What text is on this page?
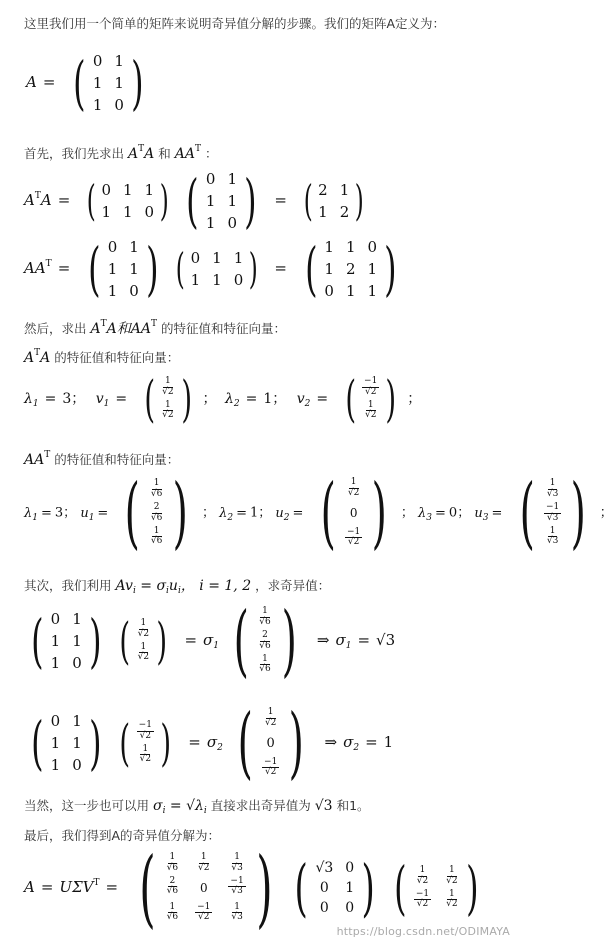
这里我们用一个简单的矩阵来说明奇异值分解的步骤。我们的矩阵A定义为：
A = ( 0 1
1 1
1 0 )
首先，我们先求出 $A^TA$ 和 $AA^T$ ：
$A^TA$ = ( 0 1 1
1 1 0 )
( 0 1
1 1
1 0 ) = ( 2 1
1 2 )
$AA^T$ = ( 0 1
1 1
1 0 )
( 0 1 1
1 1 0 ) = ( 1 1 0
1 2 1
0 1 1 )
然后，求出 $A^TA$和$AA^T$ 的特征值和特征向量：
$A^TA$ 的特征值和特征向量：
$\lambda_1 = 3$； $v_1$ = ( $\frac{1}{√2}$
$\frac{1}{√2}$ ) ； $\lambda_2 = 1$； $v_2$ = ( $\frac{-1}{√2}$
$\frac{1}{√2}$ ) ；
$AA^T$ 的特征值和特征向量：
$\lambda_1 = 3$； $u_1$ = ( $\frac{1}{√6}$
$\frac{2}{√6}$
$\frac{1}{√6}$ ) ； $\lambda_2 = 1$； $u_2$ = ( $\frac{1}{√2}$
0
$\frac{-1}{√2}$ ) ； $\lambda_3 = 0$； $u_3$ = ( $\frac{1}{√3}$
$\frac{-1}{√3}$
$\frac{1}{√3}$ ) ；
其次，我们利用 $Av_i = \sigma_iu_i$， i = 1, 2 ，求奇异值：
( 0 1
1 1
1 0 )
( $\frac{1}{√2}$
$\frac{1}{√2}$ ) = $\sigma_1$ ( $\frac{1}{√6}$
$\frac{2}{√6}$
$\frac{1}{√6}$ ) ⇒ $\sigma_1 = √3$
( 0 1
1 1
1 0 )
( $\frac{-1}{√2}$
$\frac{1}{√2}$ ) = $\sigma_2$ ( $\frac{1}{√2}$
0
$\frac{-1}{√2}$ ) ⇒ $\sigma_2 = 1$
当然，这一步也可以用 $\sigma_i = √\lambda_i$ 直接求出奇异值为 √3 和1。
最后，我们得到A的奇异值分解为：
$A = U\Sigma V^T$ = ( $\frac{1}{√6} \frac{1}{√2} \frac{1}{√3}$
$\frac{2}{√6}$	0	$\frac{-1}{√3}$
$\frac{1}{√6} \frac{-1}{√2} \frac{1}{√3}$ )
( √3 0
0	1
0	0 )
( $\frac{1}{√2} \frac{1}{√2}$
$\frac{-1}{√2} \frac{1}{√2}$ )
https://blog.csdn.net/ODIMAYA
